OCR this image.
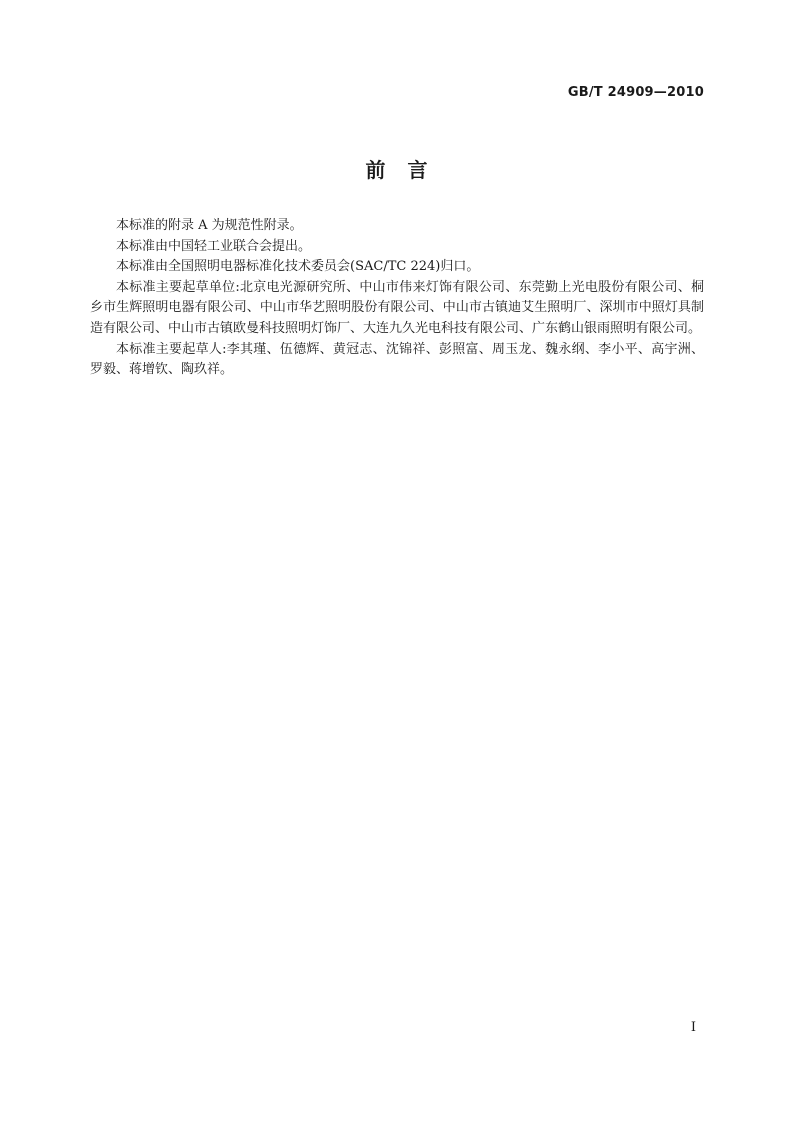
GB/T 24909—2010
前　言

本标准的附录 A 为规范性附录。

本标准由中国轻工业联合会提出。

本标准由全国照明电器标准化技术委员会(SAC/TC 224)归口。

本标准主要起草单位:北京电光源研究所、中山市伟来灯饰有限公司、东莞勤上光电股份有限公司、桐乡市生辉照明电器有限公司、中山市华艺照明股份有限公司、中山市古镇迪艾生照明厂、深圳市中照灯具制造有限公司、中山市古镇欧曼科技照明灯饰厂、大连九久光电科技有限公司、广东鹤山银雨照明有限公司。

本标准主要起草人:李其瑾、伍德辉、黄冠志、沈锦祥、彭照富、周玉龙、魏永纲、李小平、高宇洲、罗毅、蒋增钦、陶玖祥。

I
